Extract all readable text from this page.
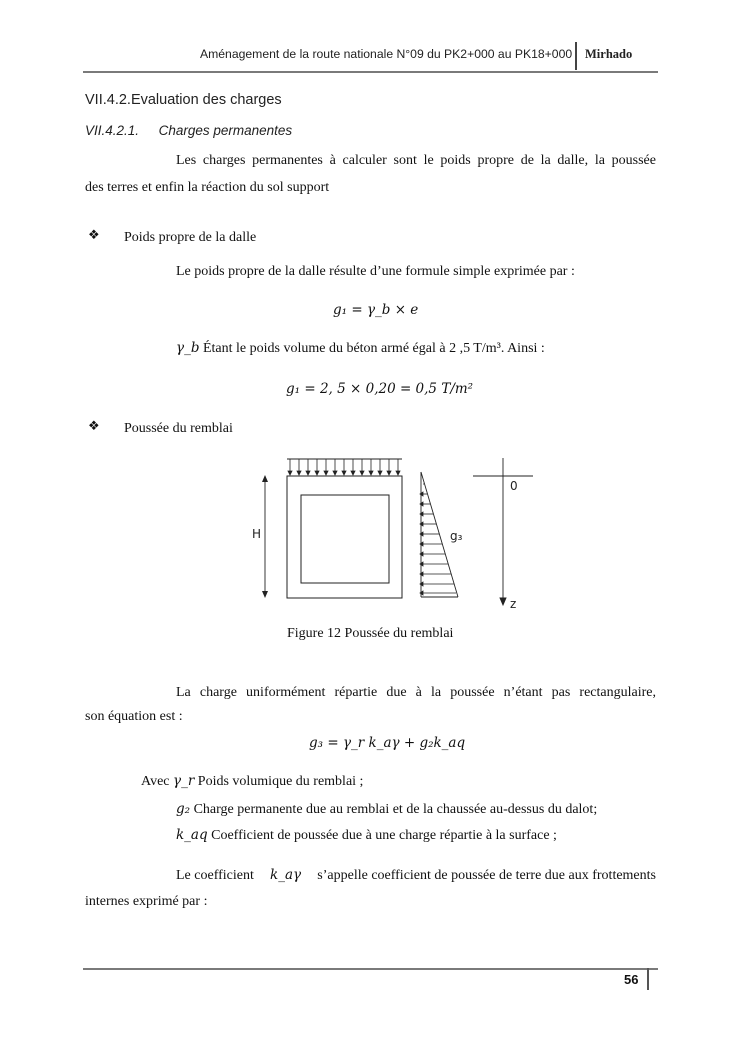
Aménagement de la route nationale N°09 du PK2+000 au PK18+000 Mirhado
VII.4.2.Evaluation des charges
VII.4.2.1. Charges permanentes
Les charges permanentes à calculer sont le poids propre de la dalle, la poussée
des terres et enfin la réaction du sol support
❖ Poids propre de la dalle
Le poids propre de la dalle résulte d’une formule simple exprimée par :
g₁ = γ_b × e
γ_b Étant le poids volume du béton armé égal à 2 ,5 T/m³. Ainsi :
g₁ = 2, 5 × 0,20 = 0,5 T/m²
❖ Poussée du remblai
H	g₃
0
z
Figure 12 Poussée du remblai
La charge uniformément répartie due à la poussée n’étant pas rectangulaire,
son équation est :
g₃ = γ_r k_aγ + g₂k_aq
Avec γ_r Poids volumique du remblai ;
g₂ Charge permanente due au remblai et de la chaussée au-dessus du dalot;
k_aq Coefficient de poussée due à une charge répartie à la surface ;
Le coefficient k_aγ s’appelle coefficient de poussée de terre due aux frottements
internes exprimé par :
56
